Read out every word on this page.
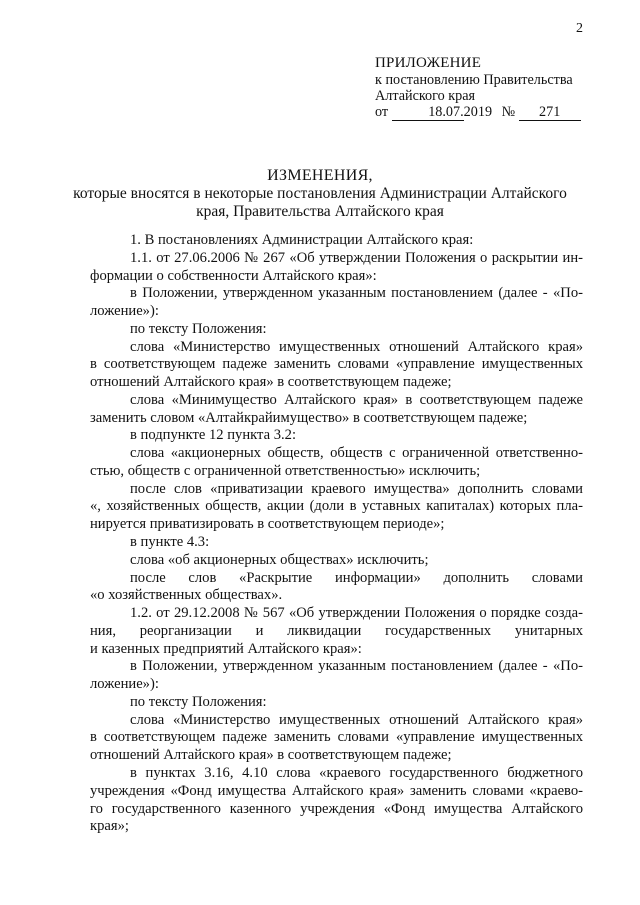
2
ПРИЛОЖЕНИЕ
к постановлению Правительства
Алтайского края
от	18.07.2019 № 271
ИЗМЕНЕНИЯ,
которые вносятся в некоторые постановления Администрации Алтайского
края, Правительства Алтайского края
1. В постановлениях Администрации Алтайского края:
1.1. от 27.06.2006 № 267 «Об утверждении Положения о раскрытии ин-
формации о собственности Алтайского края»:
в Положении, утвержденном указанным постановлением (далее - «По-
ложение»):
по тексту Положения:
слова «Министерство имущественных отношений Алтайского края»
в соответствующем падеже заменить словами «управление имущественных
отношений Алтайского края» в соответствующем падеже;
слова «Минимущество Алтайского края» в соответствующем падеже
заменить словом «Алтайкрайимущество» в соответствующем падеже;
в подпункте 12 пункта 3.2:
слова «акционерных обществ, обществ с ограниченной ответственно-
стью, обществ с ограниченной ответственностью» исключить;
после слов «приватизации краевого имущества» дополнить словами
«, хозяйственных обществ, акции (доли в уставных капиталах) которых пла-
нируется приватизировать в соответствующем периоде»;
в пункте 4.3:
слова «об акционерных обществах» исключить;
после слов «Раскрытие информации» дополнить словами
«о хозяйственных обществах».
1.2. от 29.12.2008 № 567 «Об утверждении Положения о порядке созда-
ния, реорганизации и ликвидации государственных унитарных
и казенных предприятий Алтайского края»:
в Положении, утвержденном указанным постановлением (далее - «По-
ложение»):
по тексту Положения:
слова «Министерство имущественных отношений Алтайского края»
в соответствующем падеже заменить словами «управление имущественных
отношений Алтайского края» в соответствующем падеже;
в пунктах 3.16, 4.10 слова «краевого государственного бюджетного
учреждения «Фонд имущества Алтайского края» заменить словами «краево-
го государственного казенного учреждения «Фонд имущества Алтайского
края»;
